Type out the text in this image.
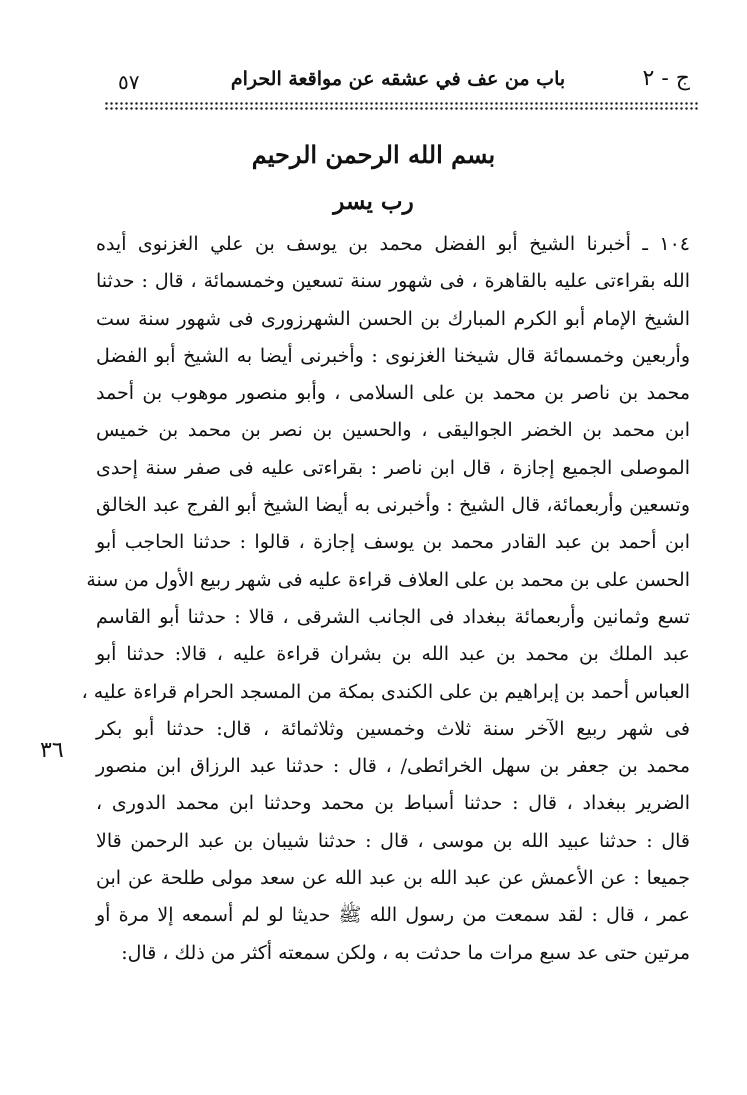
ج - ٢
باب من عف في عشقه عن مواقعة الحرام
٥٧
بسم الله الرحمن الرحيم
رب يسر
١٠٤ ـ أخبرنا الشيخ أبو الفضل محمد بن يوسف بن علي الغزنوى أيده
الله بقراءتى عليه بالقاهرة ، فى شهور سنة تسعين وخمسمائة ، قال : حدثنا
الشيخ الإمام أبو الكرم المبارك بن الحسن الشهرزورى فى شهور سنة ست
وأربعين وخمسمائة قال شيخنا الغزنوى : وأخبرنى أيضا به الشيخ أبو الفضل
محمد بن ناصر بن محمد بن على السلامى ، وأبو منصور موهوب بن أحمد
ابن محمد بن الخضر الجواليقى ، والحسين بن نصر بن محمد بن خميس
الموصلى الجميع إجازة ، قال ابن ناصر : بقراءتى عليه فى صفر سنة إحدى
وتسعين وأربعمائة، قال الشيخ : وأخبرنى به أيضا الشيخ أبو الفرج عبد الخالق
ابن أحمد بن عبد القادر محمد بن يوسف إجازة ، قالوا : حدثنا الحاجب أبو
الحسن على بن محمد بن على العلاف قراءة عليه فى شهر ربيع الأول من سنة
تسع وثمانين وأربعمائة ببغداد فى الجانب الشرقى ، قالا : حدثنا أبو القاسم
عبد الملك بن محمد بن عبد الله بن بشران قراءة عليه ، قالا: حدثنا أبو
العباس أحمد بن إبراهيم بن على الكندى بمكة من المسجد الحرام قراءة عليه ،
فى شهر ربيع الآخر سنة ثلاث وخمسين وثلاثمائة ، قال: حدثنا أبو بكر
محمد بن جعفر بن سهل الخرائطى/ ، قال : حدثنا عبد الرزاق ابن منصور
الضرير ببغداد ، قال : حدثنا أسباط بن محمد وحدثنا ابن محمد الدورى ،
قال : حدثنا عبيد الله بن موسى ، قال : حدثنا شيبان بن عبد الرحمن قالا
جميعا : عن الأعمش عن عبد الله بن عبد الله عن سعد مولى طلحة عن ابن
عمر ، قال : لقد سمعت من رسول الله ﷺ حديثا لو لم أسمعه إلا مرة أو
مرتين حتى عد سبع مرات ما حدثت به ، ولكن سمعته أكثر من ذلك ، قال:
٣٦
